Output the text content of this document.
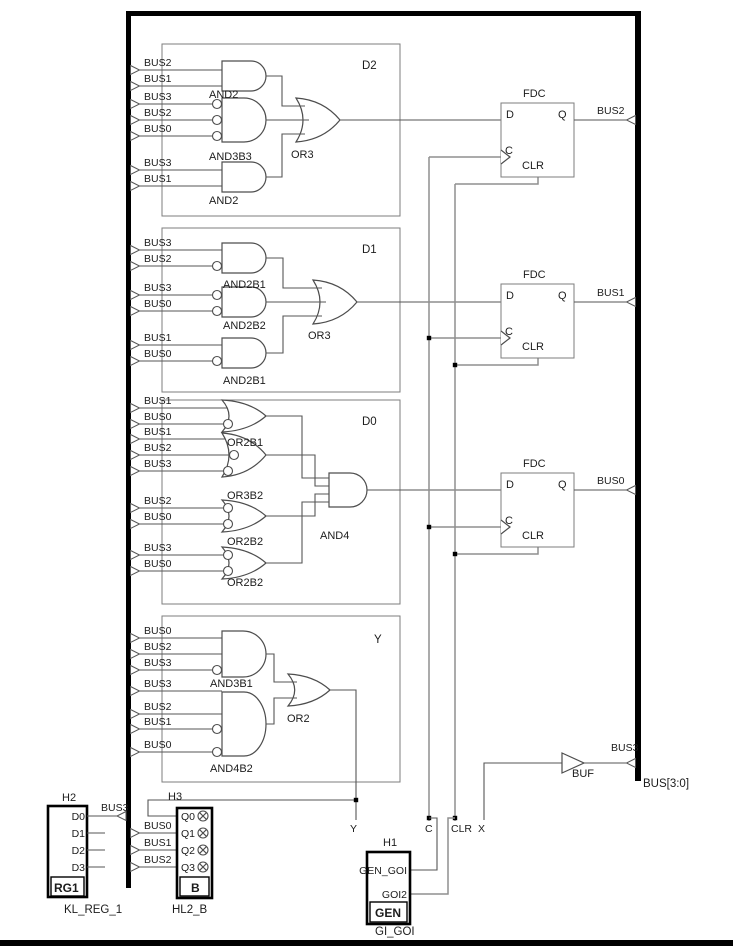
D2
D1
D0
Y
BUS2
BUS1
BUS3
BUS2
BUS0
BUS3
BUS1
BUS3
BUS2
BUS3
BUS0
BUS1
BUS0
BUS1
BUS0
BUS1
BUS2
BUS3
BUS2
BUS0
BUS3
BUS0
BUS0
BUS2
BUS3
BUS3
BUS2
BUS1
BUS0
BUS0
BUS1
BUS2
AND2
AND3B3	OR3
AND2
AND2B1
AND2B2
OR3
AND2B1
OR2B1
OR3B2
OR2B2
OR2B2
AND4
AND3B1
OR2
AND4B2
Y	C CLR
FDC
D	Q
C
CLR
BUS2
FDC
D	Q
C
CLR
BUS1
FDC
D	Q
C
CLR
BUS0
BUF
BUS3
X
BUS[3:0]
H2
D0
D1
D2
D3
RG1
KL_REG_1
BUS3
H3
Q0
Q1
Q2
Q3
B
HL2_B
H1
GEN_GOI
GOI2
GEN
GI_GOI
